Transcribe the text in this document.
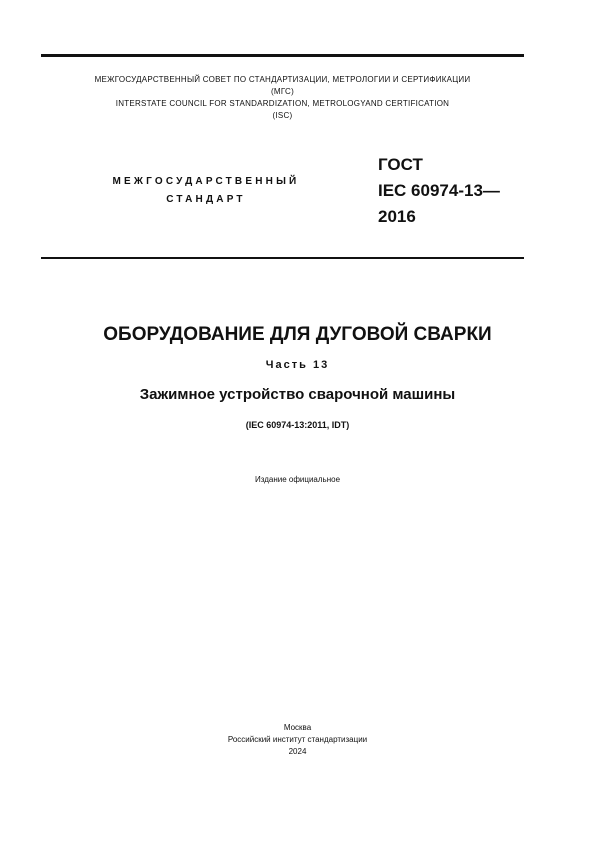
МЕЖГОСУДАРСТВЕННЫЙ СОВЕТ ПО СТАНДАРТИЗАЦИИ, МЕТРОЛОГИИ И СЕРТИФИКАЦИИ
(МГС)
INTERSTATE COUNCIL FOR STANDARDIZATION, METROLOGYAND CERTIFICATION
(ISC)
МЕЖГОСУДАРСТВЕННЫЙ
СТАНДАРТ
ГОСТ
IEC 60974-13—
2016
ОБОРУДОВАНИЕ ДЛЯ ДУГОВОЙ СВАРКИ
Часть 13
Зажимное устройство сварочной машины
(IEC 60974-13:2011, IDT)
Издание официальное
Москва
Российский институт стандартизации
2024
